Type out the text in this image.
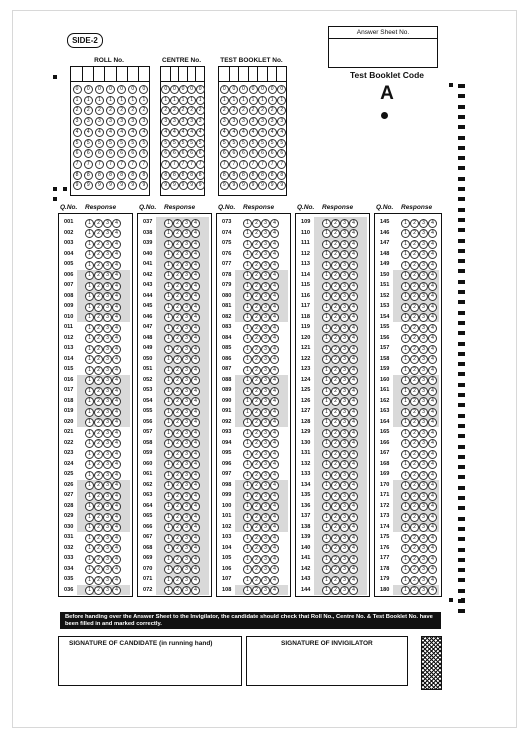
SIDE-2
Answer Sheet No.
Test Booklet Code
A
ROLL No.
0
1
2
3
4
5
6
7
8
9
0
1
2
3
4
5
6
7
8
9
0
1
2
3
4
5
6
7
8
9
0
1
2
3
4
5
6
7
8
9
0
1
2
3
4
5
6
7
8
9
0
1
2
3
4
5
6
7
8
9
0
1
2
3
4
5
6
7
8
9
CENTRE No.
0
1
2
3
4
5
6
7
8
9
0
1
2
3
4
5
6
7
8
9
0
1
2
3
4
5
6
7
8
9
0
1
2
3
4
5
6
7
8
9
0
1
2
3
4
5
6
7
8
9
TEST BOOKLET No.
0
1
2
3
4
5
6
7
8
9
0
1
2
3
4
5
6
7
8
9
0
1
2
3
4
5
6
7
8
9
0
1
2
3
4
5
6
7
8
9
0
1
2
3
4
5
6
7
8
9
0
1
2
3
4
5
6
7
8
9
0
1
2
3
4
5
6
7
8
9
Q.No. Response
001	1	2	3	4
002	1	2	3	4
003	1	2	3	4
004	1	2	3	4
005	1	2	3	4
006	1	2	3	4
007	1	2	3	4
008	1	2	3	4
009	1	2	3	4
010	1	2	3	4
011	1	2	3	4
012	1	2	3	4
013	1	2	3	4
014	1	2	3	4
015	1	2	3	4
016	1	2	3	4
017	1	2	3	4
018	1	2	3	4
019	1	2	3	4
020	1	2	3	4
021	1	2	3	4
022	1	2	3	4
023	1	2	3	4
024	1	2	3	4
025	1	2	3	4
026	1	2	3	4
027	1	2	3	4
028	1	2	3	4
029	1	2	3	4
030	1	2	3	4
031	1	2	3	4
032	1	2	3	4
033	1	2	3	4
034	1	2	3	4
035	1	2	3	4
036	1	2	3	4
Q.No. Response
037	1	2	3	4
038	1	2	3	4
039	1	2	3	4
040	1	2	3	4
041	1	2	3	4
042	1	2	3	4
043	1	2	3	4
044	1	2	3	4
045	1	2	3	4
046	1	2	3	4
047	1	2	3	4
048	1	2	3	4
049	1	2	3	4
050	1	2	3	4
051	1	2	3	4
052	1	2	3	4
053	1	2	3	4
054	1	2	3	4
055	1	2	3	4
056	1	2	3	4
057	1	2	3	4
058	1	2	3	4
059	1	2	3	4
060	1	2	3	4
061	1	2	3	4
062	1	2	3	4
063	1	2	3	4
064	1	2	3	4
065	1	2	3	4
066	1	2	3	4
067	1	2	3	4
068	1	2	3	4
069	1	2	3	4
070	1	2	3	4
071	1	2	3	4
072	1	2	3	4
Q.No. Response
073	1	2	3	4
074	1	2	3	4
075	1	2	3	4
076	1	2	3	4
077	1	2	3	4
078	1	2	3	4
079	1	2	3	4
080	1	2	3	4
081	1	2	3	4
082	1	2	3	4
083	1	2	3	4
084	1	2	3	4
085	1	2	3	4
086	1	2	3	4
087	1	2	3	4
088	1	2	3	4
089	1	2	3	4
090	1	2	3	4
091	1	2	3	4
092	1	2	3	4
093	1	2	3	4
094	1	2	3	4
095	1	2	3	4
096	1	2	3	4
097	1	2	3	4
098	1	2	3	4
099	1	2	3	4
100	1	2	3	4
101	1	2	3	4
102	1	2	3	4
103	1	2	3	4
104	1	2	3	4
105	1	2	3	4
106	1	2	3	4
107	1	2	3	4
108	1	2	3	4
Q.No. Response
109	1	2	3	4
110	1	2	3	4
111	1	2	3	4
112	1	2	3	4
113	1	2	3	4
114	1	2	3	4
115	1	2	3	4
116	1	2	3	4
117	1	2	3	4
118	1	2	3	4
119	1	2	3	4
120	1	2	3	4
121	1	2	3	4
122	1	2	3	4
123	1	2	3	4
124	1	2	3	4
125	1	2	3	4
126	1	2	3	4
127	1	2	3	4
128	1	2	3	4
129	1	2	3	4
130	1	2	3	4
131	1	2	3	4
132	1	2	3	4
133	1	2	3	4
134	1	2	3	4
135	1	2	3	4
136	1	2	3	4
137	1	2	3	4
138	1	2	3	4
139	1	2	3	4
140	1	2	3	4
141	1	2	3	4
142	1	2	3	4
143	1	2	3	4
144	1	2	3	4
Q.No. Response
145	1	2	3	4
146	1	2	3	4
147	1	2	3	4
148	1	2	3	4
149	1	2	3	4
150	1	2	3	4
151	1	2	3	4
152	1	2	3	4
153	1	2	3	4
154	1	2	3	4
155	1	2	3	4
156	1	2	3	4
157	1	2	3	4
158	1	2	3	4
159	1	2	3	4
160	1	2	3	4
161	1	2	3	4
162	1	2	3	4
163	1	2	3	4
164	1	2	3	4
165	1	2	3	4
166	1	2	3	4
167	1	2	3	4
168	1	2	3	4
169	1	2	3	4
170	1	2	3	4
171	1	2	3	4
172	1	2	3	4
173	1	2	3	4
174	1	2	3	4
175	1	2	3	4
176	1	2	3	4
177	1	2	3	4
178	1	2	3	4
179	1	2	3	4
180	1	2	3	4
Before handing over the Answer Sheet to the Invigilator, the candidate should check that Roll No., Centre No. & Test Booklet No. have been filled in and marked correctly.
SIGNATURE OF CANDIDATE (in running hand)	SIGNATURE OF INVIGILATOR
